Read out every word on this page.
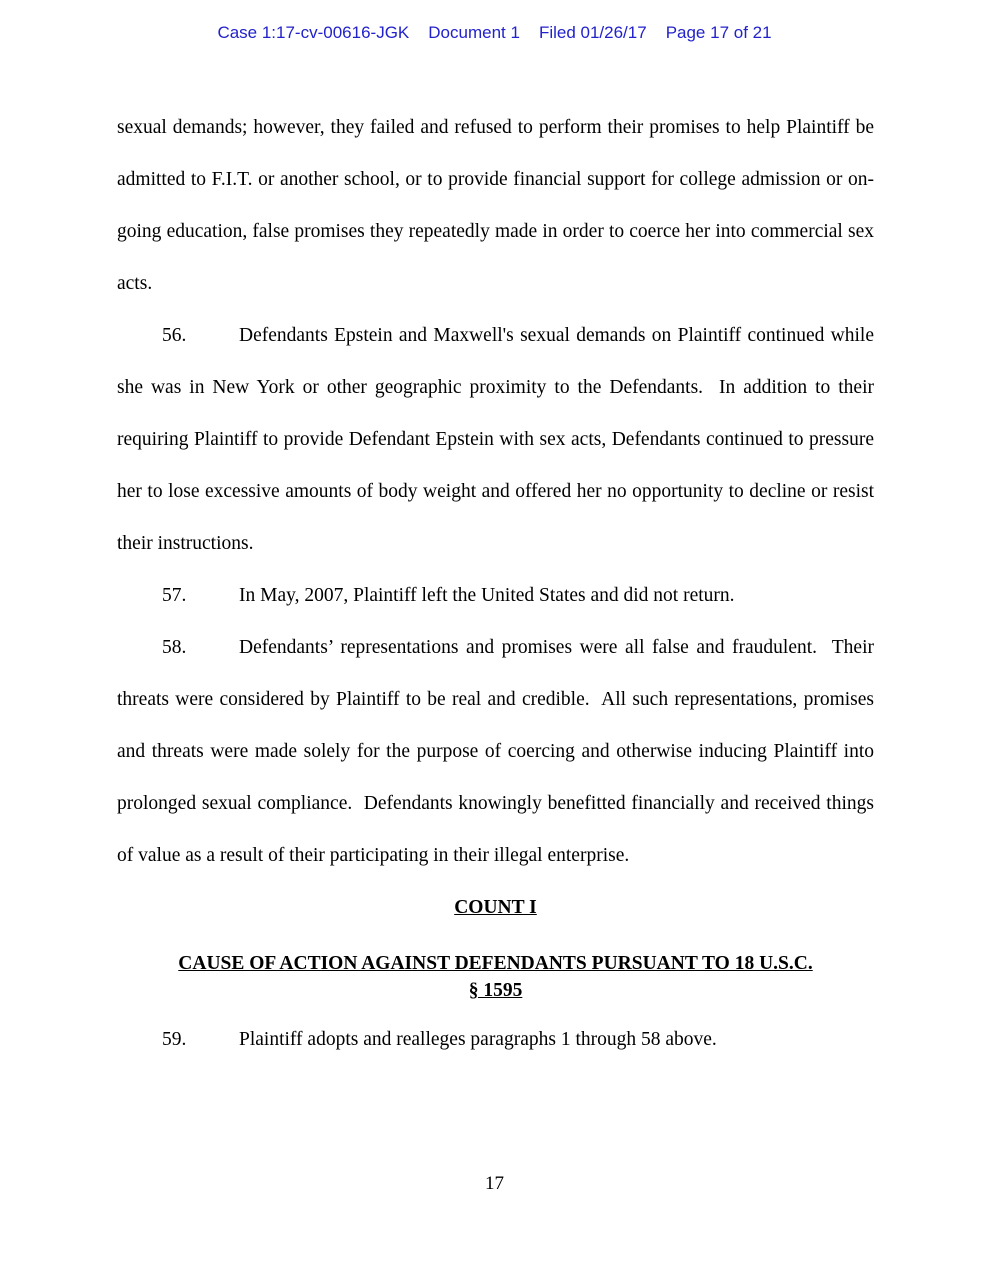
Case 1:17-cv-00616-JGK Document 1 Filed 01/26/17 Page 17 of 21

sexual demands; however, they failed and refused to perform their promises to help Plaintiff be admitted to F.I.T. or another school, or to provide financial support for college admission or on-going education, false promises they repeatedly made in order to coerce her into commercial sex acts.

56.	Defendants Epstein and Maxwell's sexual demands on Plaintiff continued while she was in New York or other geographic proximity to the Defendants.  In addition to their requiring Plaintiff to provide Defendant Epstein with sex acts, Defendants continued to pressure her to lose excessive amounts of body weight and offered her no opportunity to decline or resist their instructions.

57.	In May, 2007, Plaintiff left the United States and did not return.

58.	Defendants’ representations and promises were all false and fraudulent.  Their threats were considered by Plaintiff to be real and credible.  All such representations, promises and threats were made solely for the purpose of coercing and otherwise inducing Plaintiff into prolonged sexual compliance.  Defendants knowingly benefitted financially and received things of value as a result of their participating in their illegal enterprise.

COUNT I
CAUSE OF ACTION AGAINST DEFENDANTS PURSUANT TO 18 U.S.C.
§ 1595

59.	Plaintiff adopts and realleges paragraphs 1 through 58 above.

17
